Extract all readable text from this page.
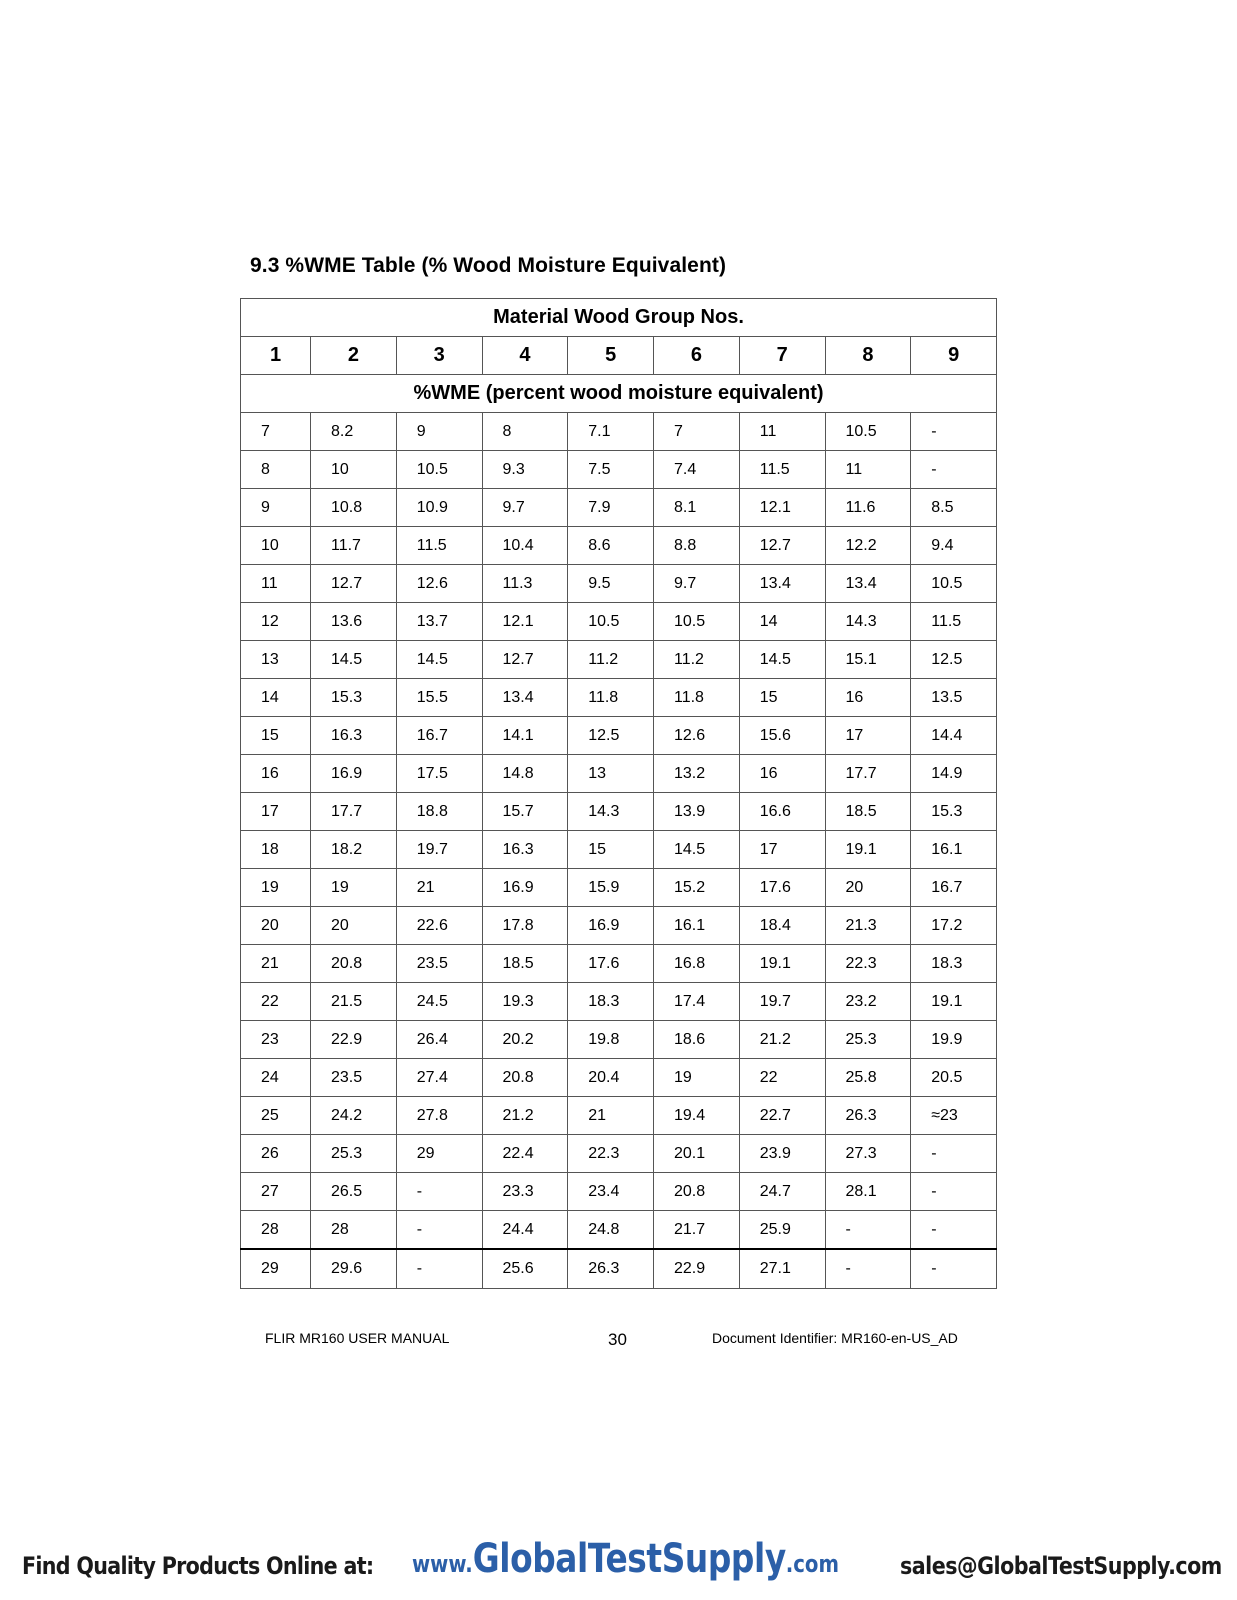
9.3 %WME Table (% Wood Moisture Equivalent)
Material Wood Group Nos.								
1	2	3	4	5	6	7	8	9
%WME (percent wood moisture equivalent)								
7	8.2	9	8	7.1	7	11	10.5	-
8	10	10.5	9.3	7.5	7.4	11.5	11	-
9	10.8	10.9	9.7	7.9	8.1	12.1	11.6	8.5
10	11.7	11.5	10.4	8.6	8.8	12.7	12.2	9.4
11	12.7	12.6	11.3	9.5	9.7	13.4	13.4	10.5
12	13.6	13.7	12.1	10.5	10.5	14	14.3	11.5
13	14.5	14.5	12.7	11.2	11.2	14.5	15.1	12.5
14	15.3	15.5	13.4	11.8	11.8	15	16	13.5
15	16.3	16.7	14.1	12.5	12.6	15.6	17	14.4
16	16.9	17.5	14.8	13	13.2	16	17.7	14.9
17	17.7	18.8	15.7	14.3	13.9	16.6	18.5	15.3
18	18.2	19.7	16.3	15	14.5	17	19.1	16.1
19	19	21	16.9	15.9	15.2	17.6	20	16.7
20	20	22.6	17.8	16.9	16.1	18.4	21.3	17.2
21	20.8	23.5	18.5	17.6	16.8	19.1	22.3	18.3
22	21.5	24.5	19.3	18.3	17.4	19.7	23.2	19.1
23	22.9	26.4	20.2	19.8	18.6	21.2	25.3	19.9
24	23.5	27.4	20.8	20.4	19	22	25.8	20.5
25	24.2	27.8	21.2	21	19.4	22.7	26.3	≈23
26	25.3	29	22.4	22.3	20.1	23.9	27.3	-
27	26.5	-	23.3	23.4	20.8	24.7	28.1	-
28	28	-	24.4	24.8	21.7	25.9	-	-
29	29.6	-	25.6	26.3	22.9	27.1	-	-
FLIR MR160 USER MANUAL	30	Document Identifier: MR160-en-US_AD
Find Quality Products Online at: www.GlobalTestSupply.com	sales@GlobalTestSupply.com
